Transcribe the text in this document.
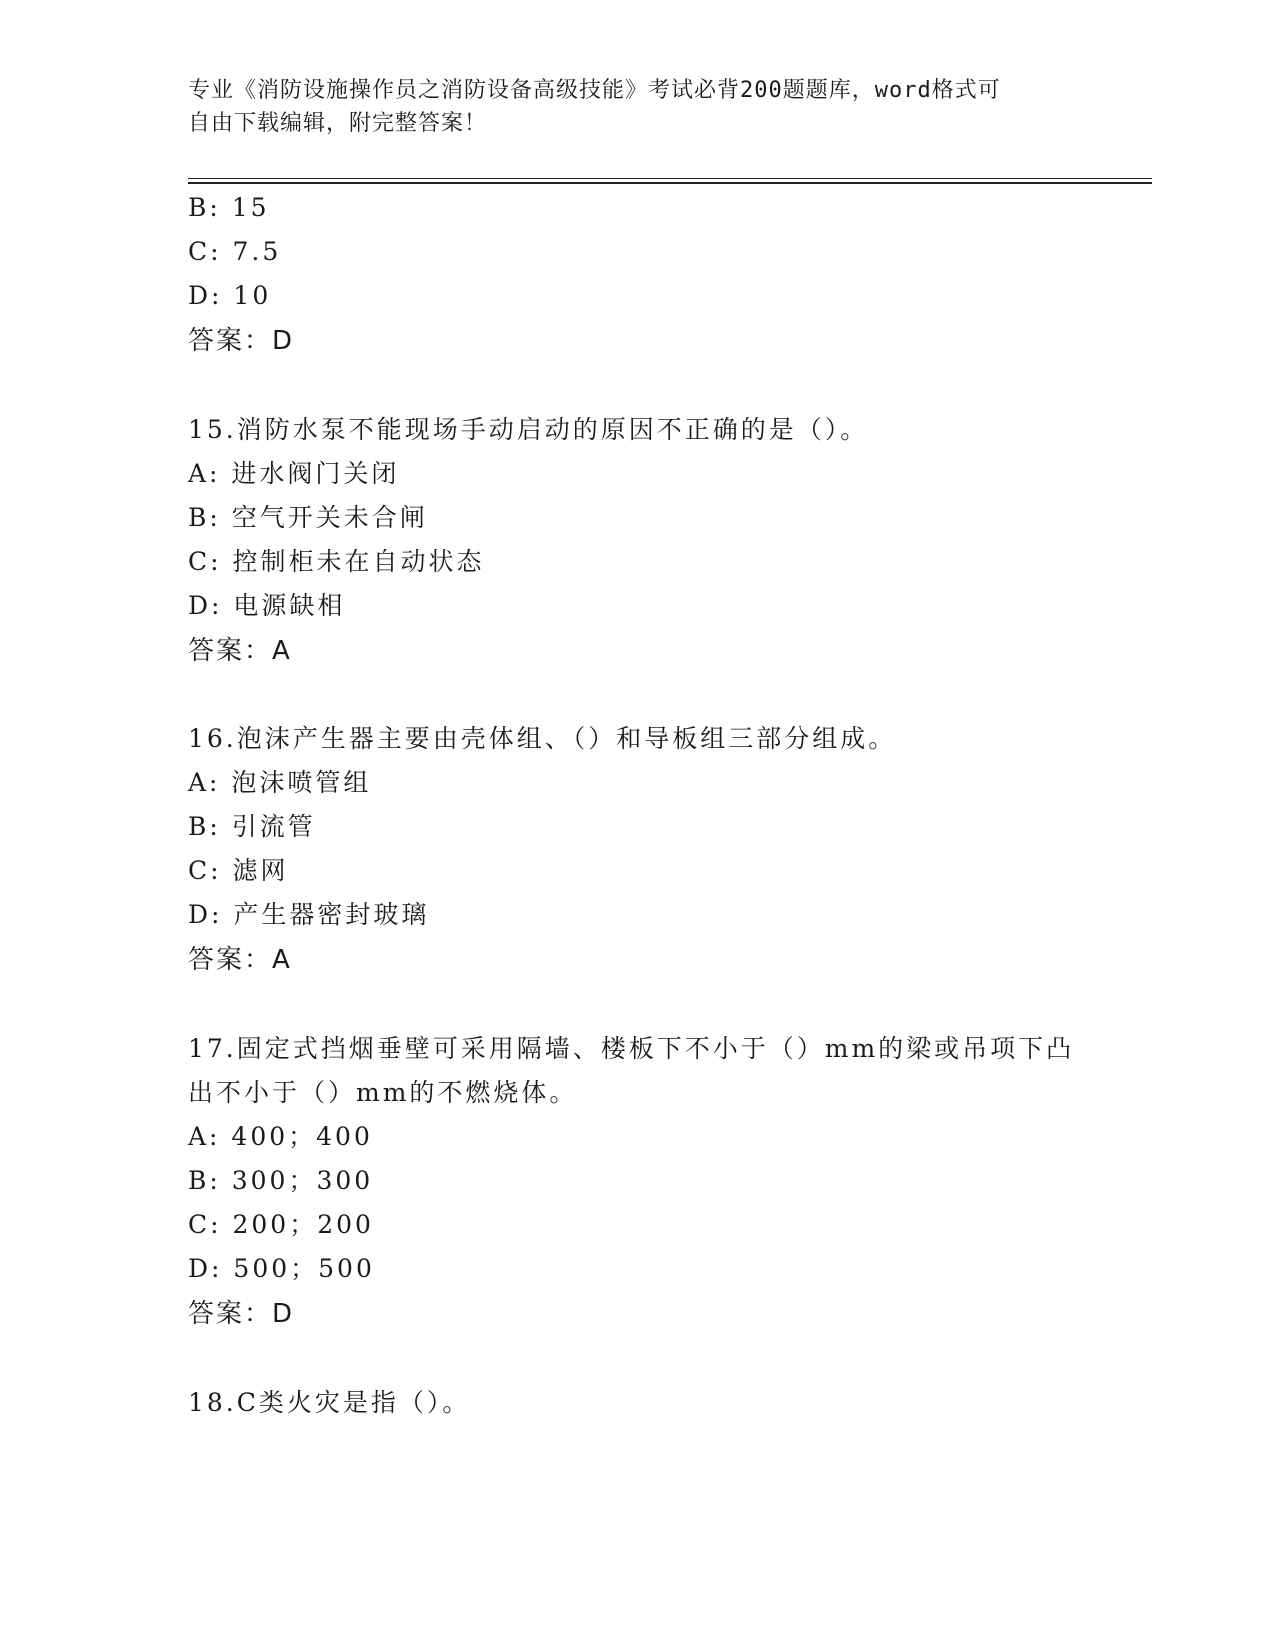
专业《消防设施操作员之消防设备高级技能》考试必背200题题库，word格式可
自由下载编辑，附完整答案！
B: 15
C: 7.5
D: 10
答案：D
15.消防水泵不能现场手动启动的原因不正确的是（）。
A: 进水阀门关闭
B: 空气开关未合闸
C: 控制柜未在自动状态
D: 电源缺相
答案：A
16.泡沫产生器主要由壳体组、（）和导板组三部分组成。
A: 泡沫喷管组
B: 引流管
C: 滤网
D: 产生器密封玻璃
答案：A
17.固定式挡烟垂壁可采用隔墙、楼板下不小于（）mm的梁或吊项下凸
出不小于（）mm的不燃烧体。
A: 400；400
B: 300；300
C: 200；200
D: 500；500
答案：D
18.C类火灾是指（）。
